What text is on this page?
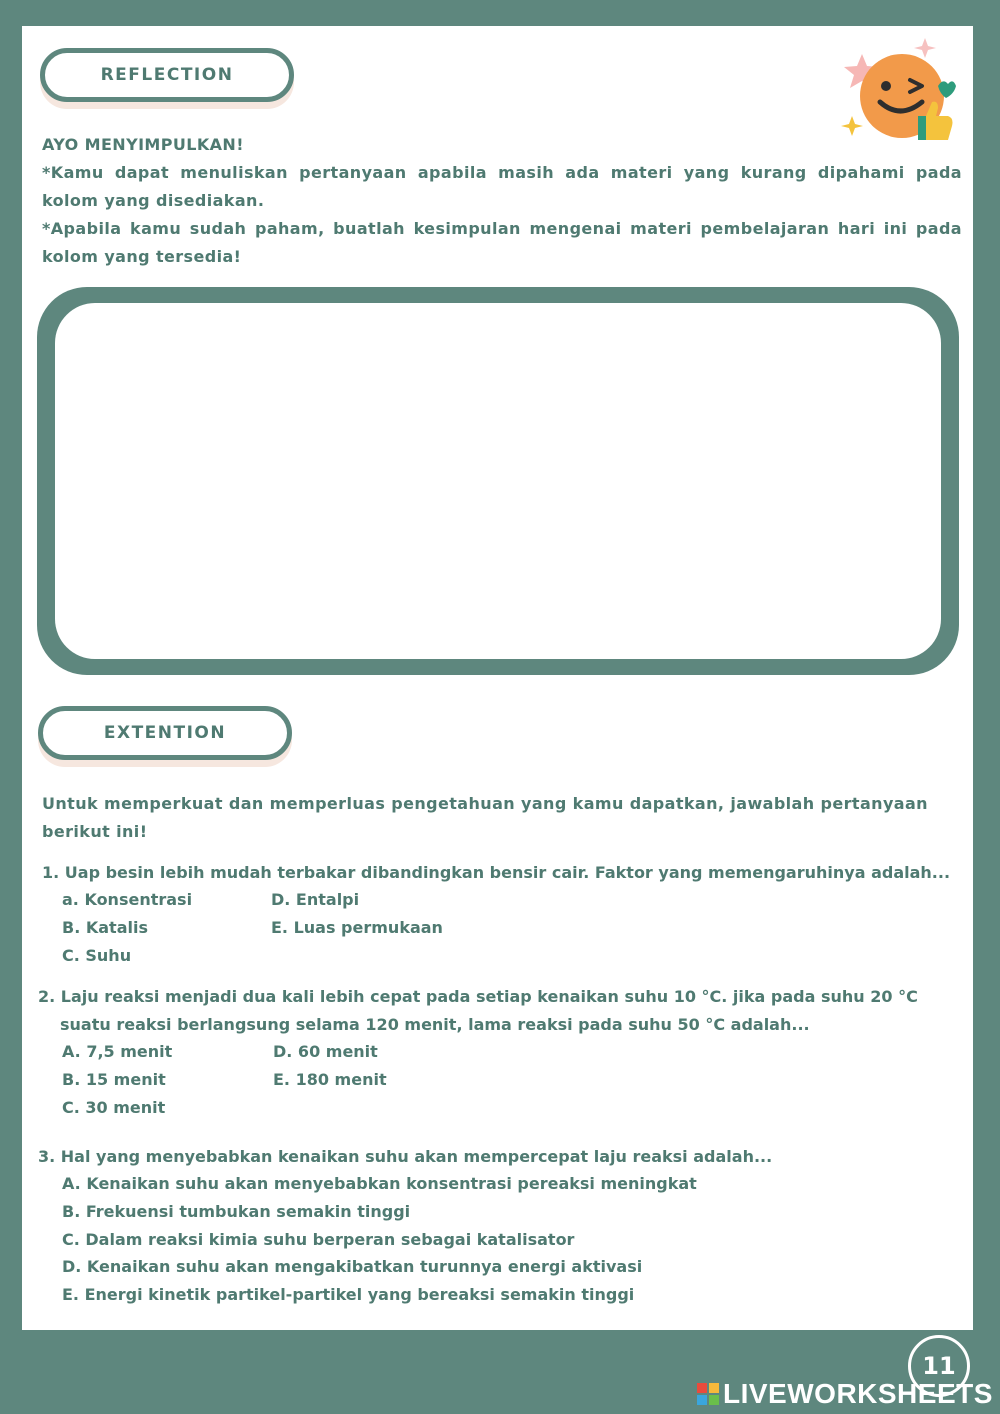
REFLECTION
AYO MENYIMPULKAN!
*Kamu dapat menuliskan pertanyaan apabila masih ada materi yang kurang dipahami pada kolom yang disediakan.
*Apabila kamu sudah paham, buatlah kesimpulan mengenai materi pembelajaran hari ini pada kolom yang tersedia!
EXTENTION
Untuk memperkuat dan memperluas pengetahuan yang kamu dapatkan, jawablah pertanyaan berikut ini!
1. Uap besin lebih mudah terbakar dibandingkan bensir cair. Faktor yang memengaruhinya adalah...
a. Konsentrasi
B. Katalis
C. Suhu
D. Entalpi
E. Luas permukaan
2. Laju reaksi menjadi dua kali lebih cepat pada setiap kenaikan suhu 10 °C. jika pada suhu 20 °C suatu reaksi berlangsung selama 120 menit, lama reaksi pada suhu 50 °C adalah...
A. 7,5 menit
B. 15 menit
C. 30 menit
D. 60 menit
E. 180 menit
3. Hal yang menyebabkan kenaikan suhu akan mempercepat laju reaksi adalah...
A. Kenaikan suhu akan menyebabkan konsentrasi pereaksi meningkat
B. Frekuensi tumbukan semakin tinggi
C. Dalam reaksi kimia suhu berperan sebagai katalisator
D. Kenaikan suhu akan mengakibatkan turunnya energi aktivasi
E. Energi kinetik partikel-partikel yang bereaksi semakin tinggi
11
LIVEWORKSHEETS
